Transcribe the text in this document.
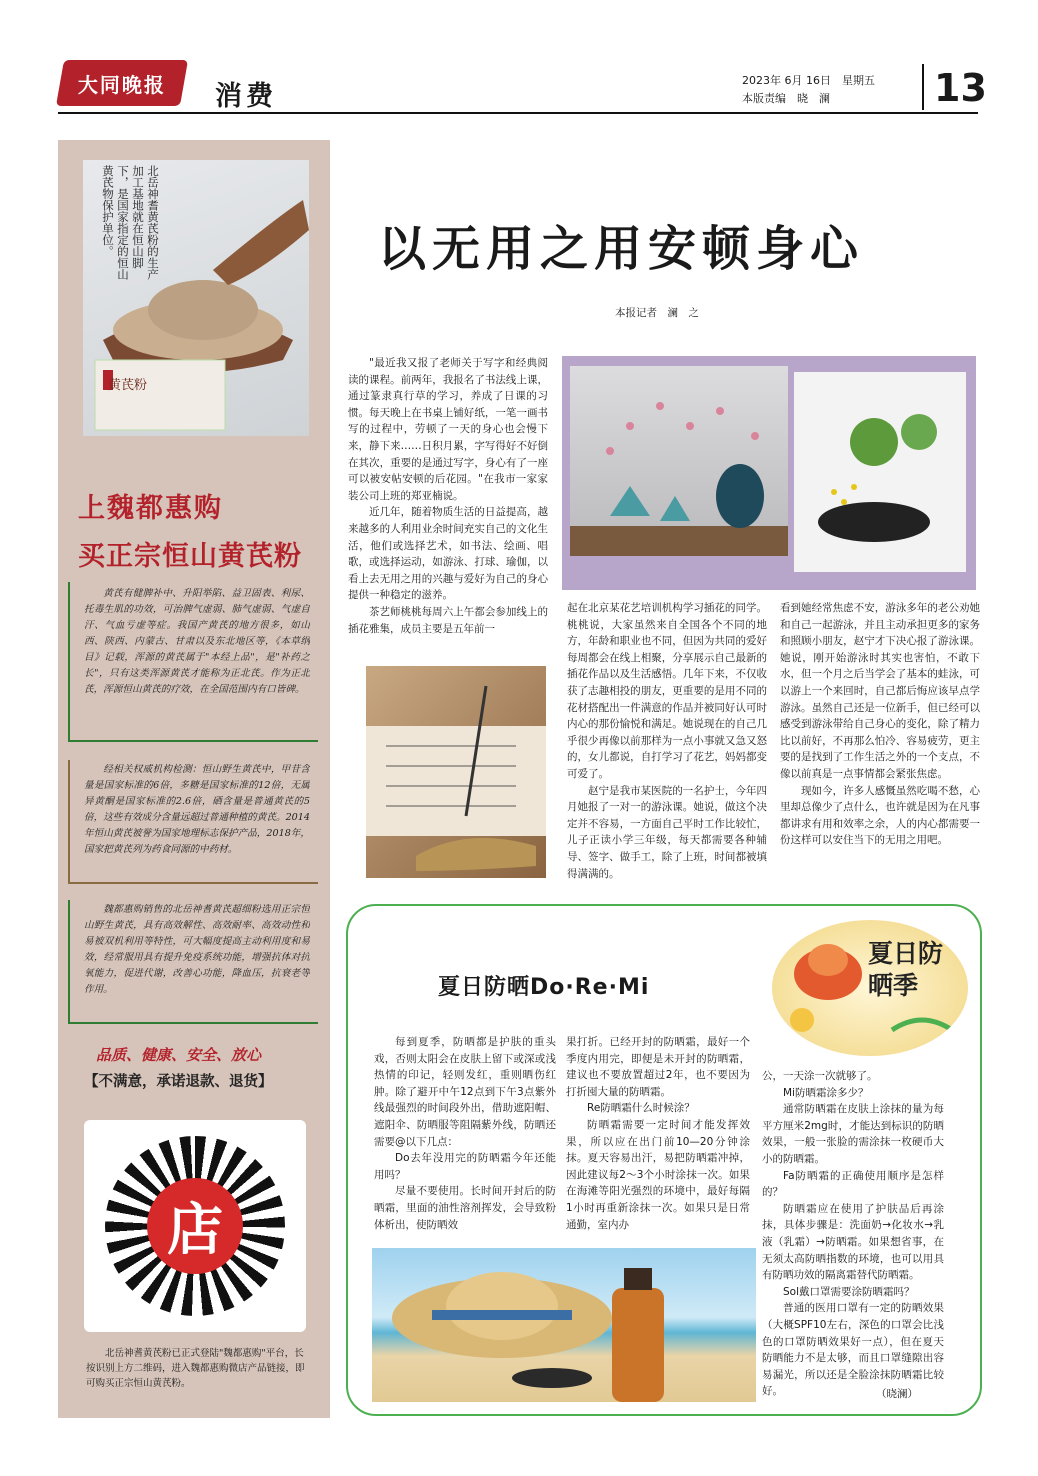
大同晚报 消费
2023年 6月 16日　星期五
本版责编　晓　澜	13
北岳神耆黄芪粉的生产加工基地就在恒山脚下，是国家指定的恒山黄芪物保护单位。
黄芪粉
上魏都惠购
买正宗恒山黄芪粉
黄芪有健脾补中、升阳举陷、益卫固表、利尿、托毒生肌的功效，可治脾气虚弱、肺气虚弱、气虚自汗、气血亏虚等症。我国产黄芪的地方很多，如山西、陕西、内蒙古、甘肃以及东北地区等，《本草纲目》记载，浑源的黄芪属于"本经上品"，是"补药之长"，只有这类浑源黄芪才能称为正北芪。作为正北芪，浑源恒山黄芪的疗效，在全国范围内有口皆碑。
经相关权威机构检测：恒山野生黄芪中，甲苷含量是国家标准的6倍，多糖是国家标准的12倍，无属异黄酮是国家标准的2.6倍，硒含量是普通黄芪的5倍，这些有效成分含量远超过普通种植的黄芪。2014年恒山黄芪被誉为国家地理标志保护产品，2018年，国家把黄芪列为药食同源的中药材。
魏都惠购销售的北岳神耆黄芪超细粉选用正宗恒山野生黄芪，具有高效解性、高效耐率、高效动性和易被双机利用等特性，可大幅度提高主动利用度和易效，经常服用具有提升免疫系统功能，增强抗体对抗氧能力，促进代谢，改善心功能，降血压，抗衰老等作用。
品质、健康、安全、放心
【不满意，承诺退款、退货】
店
北岳神耆黄芪粉已正式登陆"魏都惠购"平台，长按识别上方二维码，进入魏都惠购微店产品链接，即可购买正宗恒山黄芪粉。
以无用之用安顿身心
本报记者　澜　之

"最近我又报了老师关于写字和经典阅读的课程。前两年，我报名了书法线上课，通过篆隶真行草的学习，养成了日课的习惯。每天晚上在书桌上铺好纸，一笔一画书写的过程中，劳顿了一天的身心也会慢下来，静下来……日积月累，字写得好不好倒在其次，重要的是通过写字，身心有了一座可以被安帖安顿的后花园。"在我市一家家装公司上班的郑亚楠说。

近几年，随着物质生活的日益提高，越来越多的人利用业余时间充实自己的文化生活，他们或选择艺术，如书法、绘画、唱歌，或选择运动，如游泳、打球、瑜伽，以看上去无用之用的兴趣与爱好为自己的身心提供一种稳定的滋养。

茶艺师桃桃每周六上午都会参加线上的插花雅集，成员主要是五年前一

起在北京某花艺培训机构学习插花的同学。桃桃说，大家虽然来自全国各个不同的地方，年龄和职业也不同，但因为共同的爱好每周都会在线上相聚，分享展示自己最新的插花作品以及生活感悟。几年下来，不仅收获了志趣相投的朋友，更重要的是用不同的花材搭配出一件满意的作品并被同好认可时内心的那份愉悦和满足。她说现在的自己几乎很少再像以前那样为一点小事就又急又怒的，女儿都说，自打学习了花艺，妈妈都变可爱了。

赵宁是我市某医院的一名护士，今年四月她报了一对一的游泳课。她说，做这个决定并不容易，一方面自己平时工作比较忙，儿子正读小学三年级，每天都需要各种辅导、签字、做手工，除了上班，时间都被填得满满的。

看到她经常焦虑不安，游泳多年的老公劝她和自己一起游泳，并且主动承担更多的家务和照顾小朋友，赵宁才下决心报了游泳课。她说，刚开始游泳时其实也害怕，不敢下水，但一个月之后当学会了基本的蛙泳，可以游上一个来回时，自己都后悔应该早点学游泳。虽然自己还是一位新手，但已经可以感受到游泳带给自己身心的变化，除了精力比以前好，不再那么怕冷、容易疲劳，更主要的是找到了工作生活之外的一个支点，不像以前真是一点事情都会紧张焦虑。

现如今，许多人感慨虽然吃喝不愁，心里却总像少了点什么，也许就是因为在凡事都讲求有用和效率之余，人的内心都需要一份这样可以安住当下的无用之用吧。

夏日防晒Do·Re·Mi
夏日防晒季

每到夏季，防晒都是护肤的重头戏，否则太阳会在皮肤上留下或深或浅热情的印记，轻则发红，重则晒伤红肿。除了避开中午12点到下午3点紫外线最强烈的时间段外出，借助遮阳帽、遮阳伞、防晒服等阻隔紫外线，防晒还需要@以下几点：

Do去年没用完的防晒霜今年还能用吗？

尽量不要使用。长时间开封后的防晒霜，里面的油性溶剂挥发，会导致粉体析出，使防晒效

果打折。已经开封的防晒霜，最好一个季度内用完，即便是未开封的防晒霜，建议也不要放置超过2年，也不要因为打折囤大量的防晒霜。

Re防晒霜什么时候涂？

防晒霜需要一定时间才能发挥效果，所以应在出门前10—20分钟涂抹。夏天容易出汗，易把防晒霜冲掉，因此建议每2～3个小时涂抹一次。如果在海滩等阳光强烈的环境中，最好每隔1小时再重新涂抹一次。如果只是日常通勤，室内办

公，一天涂一次就够了。

Mi防晒霜涂多少？

通常防晒霜在皮肤上涂抹的量为每平方厘米2mg时，才能达到标识的防晒效果，一般一张脸的需涂抹一枚硬币大小的防晒霜。

Fa防晒霜的正确使用顺序是怎样的？

防晒霜应在使用了护肤品后再涂抹，具体步骤是：洗面奶→化妆水→乳液（乳霜）→防晒霜。如果想省事，在无须太高防晒指数的环境，也可以用具有防晒功效的隔离霜替代防晒霜。

Sol戴口罩需要涂防晒霜吗？

普通的医用口罩有一定的防晒效果（大概SPF10左右，深色的口罩会比浅色的口罩防晒效果好一点），但在夏天防晒能力不是太够，而且口罩缝隙出容易漏光，所以还是全脸涂抹防晒霜比较好。	（晓澜）
